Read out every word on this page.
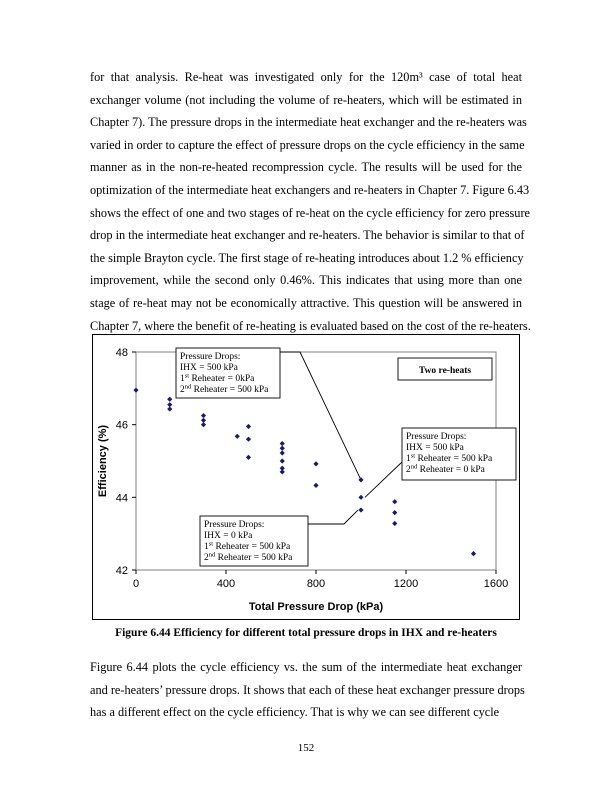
for that analysis. Re-heat was investigated only for the 120m³ case of total heat
exchanger volume (not including the volume of re-heaters, which will be estimated in
Chapter 7). The pressure drops in the intermediate heat exchanger and the re-heaters was
varied in order to capture the effect of pressure drops on the cycle efficiency in the same
manner as in the non-re-heated recompression cycle. The results will be used for the
optimization of the intermediate heat exchangers and re-heaters in Chapter 7. Figure 6.43
shows the effect of one and two stages of re-heat on the cycle efficiency for zero pressure
drop in the intermediate heat exchanger and re-heaters. The behavior is similar to that of
the simple Brayton cycle. The first stage of re-heating introduces about 1.2 % efficiency
improvement, while the second only 0.46%. This indicates that using more than one
stage of re-heat may not be economically attractive. This question will be answered in
Chapter 7, where the benefit of re-heating is evaluated based on the cost of the re-heaters.
42
44
46
48
0	400	800	1200	1600
Total Pressure Drop (kPa)
Efficiency (%)
Pressure Drops:
IHX = 500 kPa
1st Reheater = 0kPa
2nd Reheater = 500 kPa
Pressure Drops:
IHX = 500 kPa
1st Reheater = 500 kPa
2nd Reheater = 0 kPa
Pressure Drops:
IHX = 0 kPa
1st Reheater = 500 kPa
2nd Reheater = 500 kPa
Two re-heats
Figure 6.44 Efficiency for different total pressure drops in IHX and re-heaters
Figure 6.44 plots the cycle efficiency vs. the sum of the intermediate heat exchanger
and re-heaters’ pressure drops. It shows that each of these heat exchanger pressure drops
has a different effect on the cycle efficiency. That is why we can see different cycle
152
